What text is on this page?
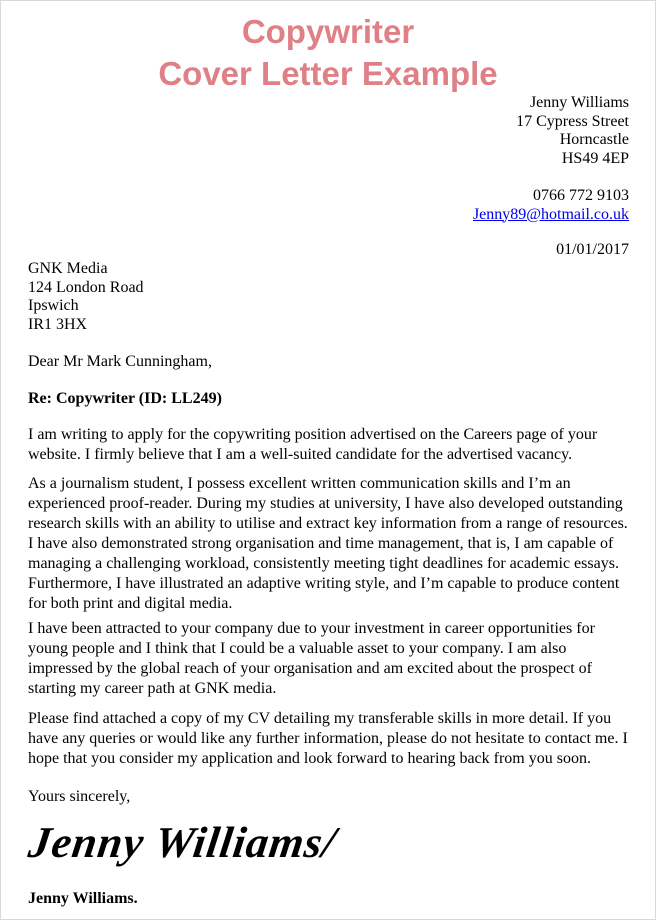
Copywriter
Cover Letter Example
Jenny Williams
17 Cypress Street
Horncastle
HS49 4EP
0766 772 9103
Jenny89@hotmail.co.uk
01/01/2017
GNK Media
124 London Road
Ipswich
IR1 3HX
Dear Mr Mark Cunningham,
Re: Copywriter (ID: LL249)

I am writing to apply for the copywriting position advertised on the Careers page of your website. I firmly believe that I am a well-suited candidate for the advertised vacancy.

As a journalism student, I possess excellent written communication skills and I’m an experienced proof-reader. During my studies at university, I have also developed outstanding research skills with an ability to utilise and extract key information from a range of resources. I have also demonstrated strong organisation and time management, that is, I am capable of managing a challenging workload, consistently meeting tight deadlines for academic essays. Furthermore, I have illustrated an adaptive writing style, and I’m capable to produce content for both print and digital media.

I have been attracted to your company due to your investment in career opportunities for young people and I think that I could be a valuable asset to your company. I am also impressed by the global reach of your organisation and am excited about the prospect of starting my career path at GNK media.

Please find attached a copy of my CV detailing my transferable skills in more detail. If you have any queries or would like any further information, please do not hesitate to contact me. I hope that you consider my application and look forward to hearing back from you soon.

Yours sincerely,
Jenny Williams/
Jenny Williams.
